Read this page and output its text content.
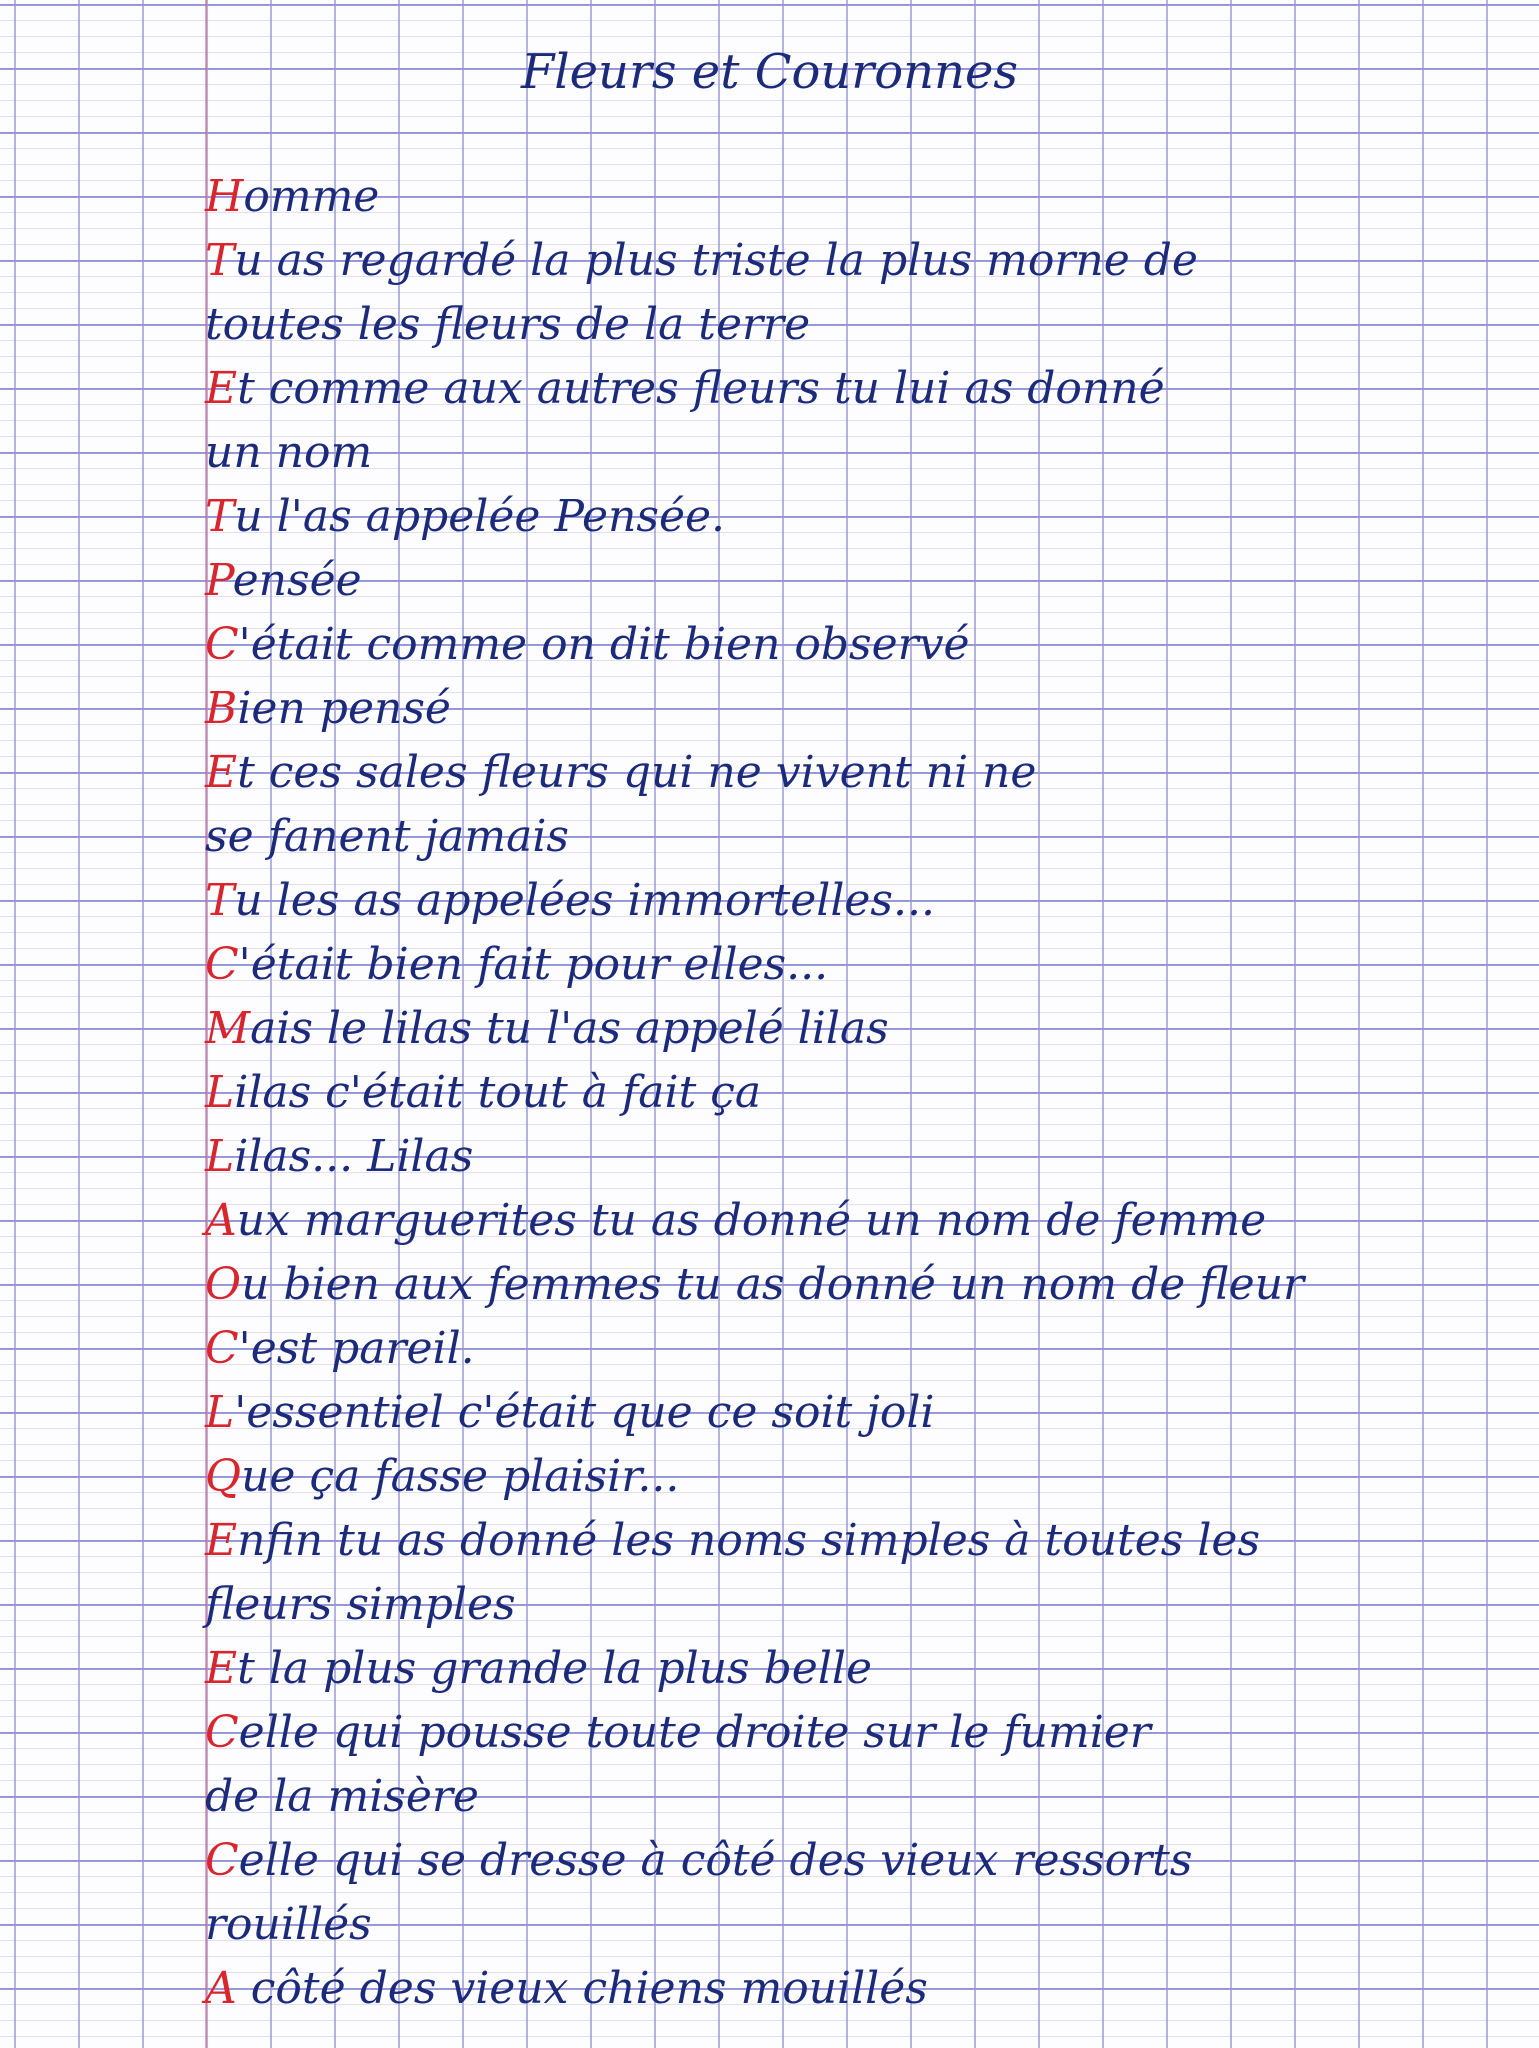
Fleurs et Couronnes
Homme
Tu as regardé la plus triste la plus morne de
toutes les fleurs de la terre
Et comme aux autres fleurs tu lui as donné
un nom
Tu l'as appelée Pensée.
Pensée
C'était comme on dit bien observé
Bien pensé
Et ces sales fleurs qui ne vivent ni ne
se fanent jamais
Tu les as appelées immortelles...
C'était bien fait pour elles...
Mais le lilas tu l'as appelé lilas
Lilas c'était tout à fait ça
Lilas... Lilas
Aux marguerites tu as donné un nom de femme
Ou bien aux femmes tu as donné un nom de fleur
C'est pareil.
L'essentiel c'était que ce soit joli
Que ça fasse plaisir...
Enfin tu as donné les noms simples à toutes les
fleurs simples
Et la plus grande la plus belle
Celle qui pousse toute droite sur le fumier
de la misère
Celle qui se dresse à côté des vieux ressorts
rouillés
A côté des vieux chiens mouillés
